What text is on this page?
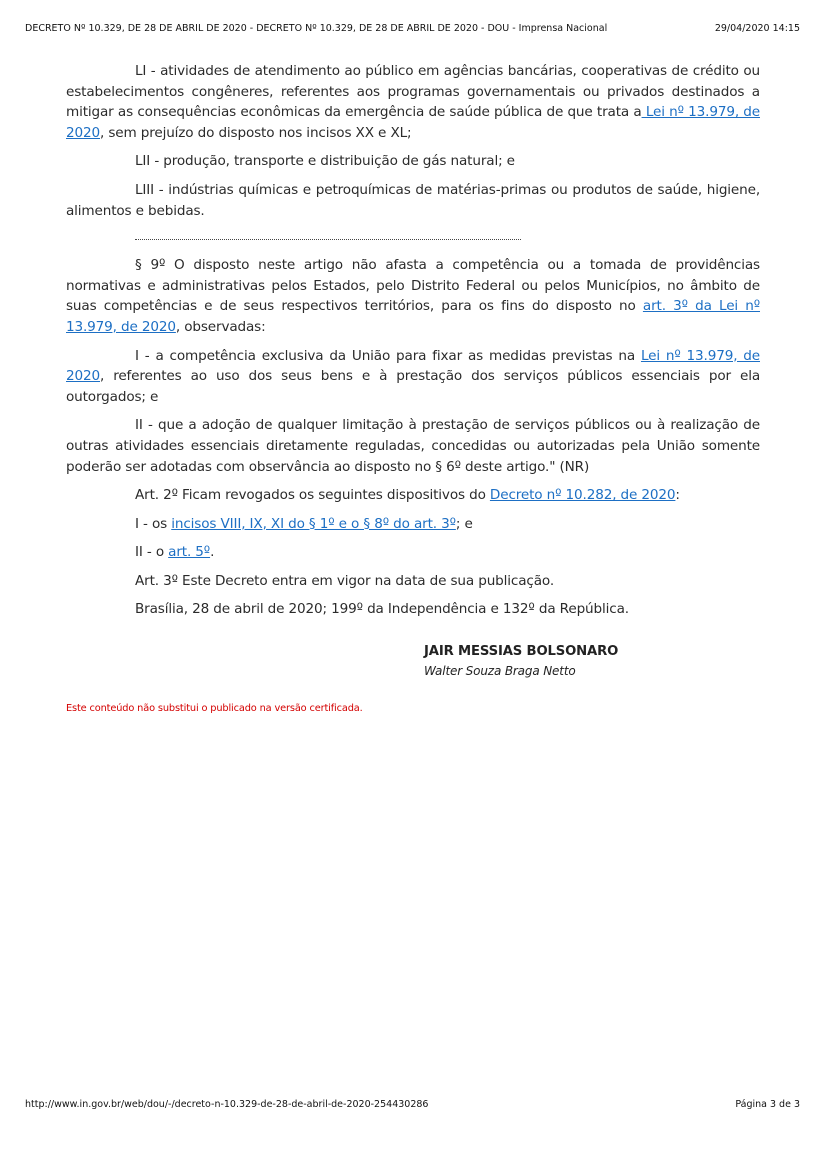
DECRETO Nº 10.329, DE 28 DE ABRIL DE 2020 - DECRETO Nº 10.329, DE 28 DE ABRIL DE 2020 - DOU - Imprensa Nacional	29/04/2020 14:15

LI - atividades de atendimento ao público em agências bancárias, cooperativas de crédito ou estabelecimentos congêneres, referentes aos programas governamentais ou privados destinados a mitigar as consequências econômicas da emergência de saúde pública de que trata a Lei nº 13.979, de 2020, sem prejuízo do disposto nos incisos XX e XL;

LII - produção, transporte e distribuição de gás natural; e

LIII - indústrias químicas e petroquímicas de matérias-primas ou produtos de saúde, higiene, alimentos e bebidas.

§ 9º O disposto neste artigo não afasta a competência ou a tomada de providências normativas e administrativas pelos Estados, pelo Distrito Federal ou pelos Municípios, no âmbito de suas competências e de seus respectivos territórios, para os fins do disposto no art. 3º da Lei nº 13.979, de 2020, observadas:

I - a competência exclusiva da União para fixar as medidas previstas na Lei nº 13.979, de 2020, referentes ao uso dos seus bens e à prestação dos serviços públicos essenciais por ela outorgados; e

II - que a adoção de qualquer limitação à prestação de serviços públicos ou à realização de outras atividades essenciais diretamente reguladas, concedidas ou autorizadas pela União somente poderão ser adotadas com observância ao disposto no § 6º deste artigo." (NR)

Art. 2º Ficam revogados os seguintes dispositivos do Decreto nº 10.282, de 2020:

I - os incisos VIII, IX, XI do § 1º e o § 8º do art. 3º; e

II - o art. 5º.

Art. 3º Este Decreto entra em vigor na data de sua publicação.

Brasília, 28 de abril de 2020; 199º da Independência e 132º da República.

JAIR MESSIAS BOLSONARO
Walter Souza Braga Netto
Este conteúdo não substitui o publicado na versão certificada.
http://www.in.gov.br/web/dou/-/decreto-n-10.329-de-28-de-abril-de-2020-254430286	Página 3 de 3
